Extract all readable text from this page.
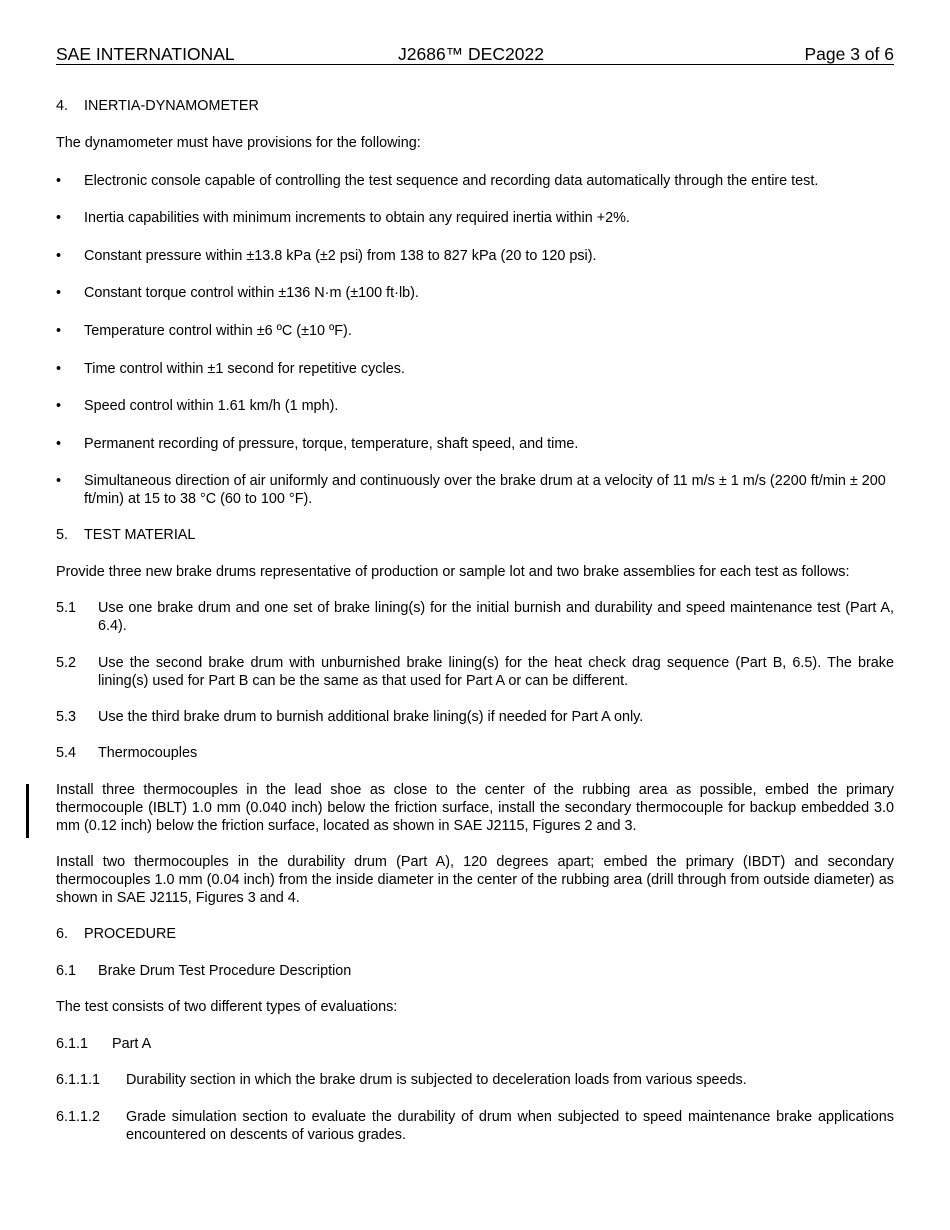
SAE INTERNATIONAL	J2686™ DEC2022	Page 3 of 6
4. INERTIA-DYNAMOMETER
The dynamometer must have provisions for the following:
•	Electronic console capable of controlling the test sequence and recording data automatically through the entire test.
•	Inertia capabilities with minimum increments to obtain any required inertia within +2%.
•	Constant pressure within ±13.8 kPa (±2 psi) from 138 to 827 kPa (20 to 120 psi).
•	Constant torque control within ±136 N·m (±100 ft·lb).
•	Temperature control within ±6 ºC (±10 ºF).
•	Time control within ±1 second for repetitive cycles.
•	Speed control within 1.61 km/h (1 mph).
•	Permanent recording of pressure, torque, temperature, shaft speed, and time.
•	Simultaneous direction of air uniformly and continuously over the brake drum at a velocity of 11 m/s ± 1 m/s (2200 ft/min ± 200 ft/min) at 15 to 38 °C (60 to 100 °F).
5. TEST MATERIAL
Provide three new brake drums representative of production or sample lot and two brake assemblies for each test as follows:
5.1 Use one brake drum and one set of brake lining(s) for the initial burnish and durability and speed maintenance test (Part A, 6.4).
5.2 Use the second brake drum with unburnished brake lining(s) for the heat check drag sequence (Part B, 6.5). The brake lining(s) used for Part B can be the same as that used for Part A or can be different.
5.3 Use the third brake drum to burnish additional brake lining(s) if needed for Part A only.
5.4 Thermocouples
Install three thermocouples in the lead shoe as close to the center of the rubbing area as possible, embed the primary thermocouple (IBLT) 1.0 mm (0.040 inch) below the friction surface, install the secondary thermocouple for backup embedded 3.0 mm (0.12 inch) below the friction surface, located as shown in SAE J2115, Figures 2 and 3.
Install two thermocouples in the durability drum (Part A), 120 degrees apart; embed the primary (IBDT) and secondary thermocouples 1.0 mm (0.04 inch) from the inside diameter in the center of the rubbing area (drill through from outside diameter) as shown in SAE J2115, Figures 3 and 4.
6. PROCEDURE
6.1 Brake Drum Test Procedure Description
The test consists of two different types of evaluations:
6.1.1 Part A
6.1.1.1 Durability section in which the brake drum is subjected to deceleration loads from various speeds.
6.1.1.2 Grade simulation section to evaluate the durability of drum when subjected to speed maintenance brake applications encountered on descents of various grades.
